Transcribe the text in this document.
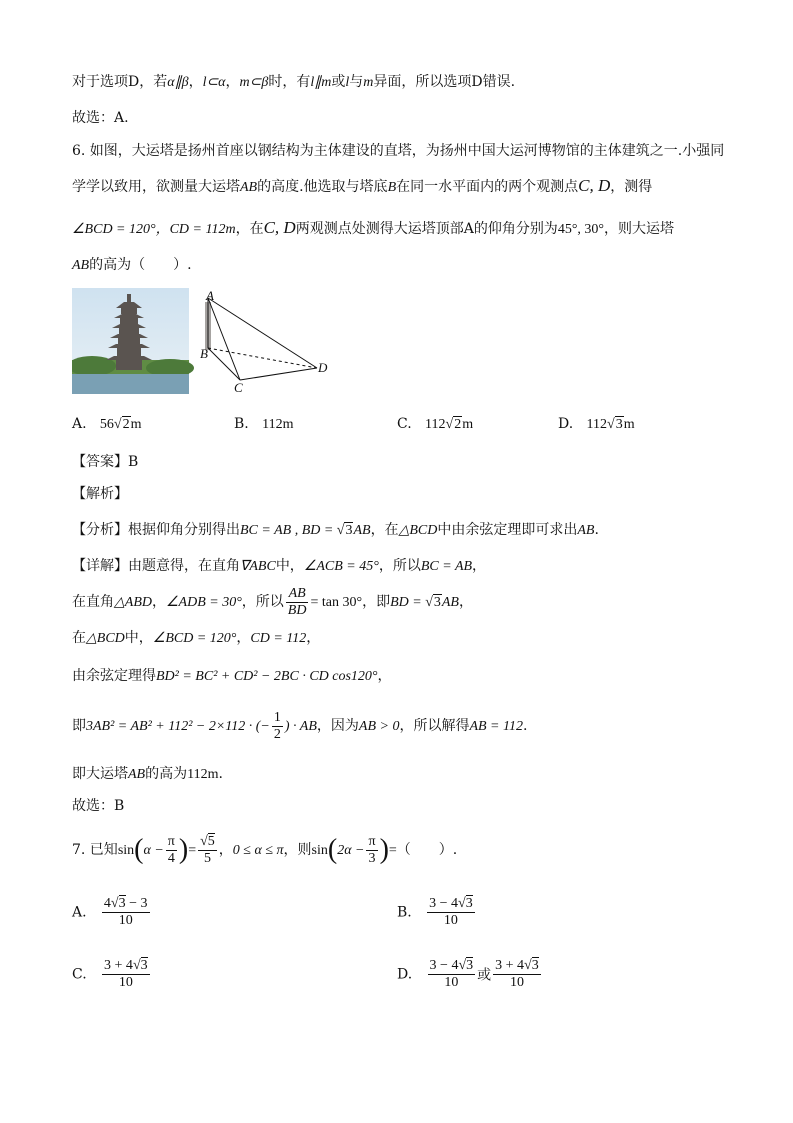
对于选项D，若α∥β，l⊂α，m⊂β时，有l∥m或l与m异面，所以选项D错误.
故选：A.
6. 如图，大运塔是扬州首座以钢结构为主体建设的直塔，为扬州中国大运河博物馆的主体建筑之一.小强同
学学以致用，欲测量大运塔AB的高度.他选取与塔底B在同一水平面内的两个观测点C, D，测得
∠BCD = 120°，CD = 112m，在C, D两观测点处测得大运塔顶部A的仰角分别为45°, 30°，则大运塔
AB的高为（　　）.
A
B
C
D
A. 56√2m	B. 112m	C. 112√2m	D. 112√3m
【答案】B
【解析】
【分析】根据仰角分别得出BC = AB , BD = √3AB，在△BCD中由余弦定理即可求出AB.
【详解】由题意得，在直角∇ABC中，∠ACB = 45°，所以BC = AB，
在直角△ABD，∠ADB = 30°，所以 $\frac{AB}{BD} = \tan 30^\circ$，即BD = √3AB，
在△BCD中，∠BCD = 120°，CD = 112，
由余弦定理得BD² = BC² + CD² − 2BC · CD cos120°，
即3AB² = AB² + 112² − 2×112 · (− $\frac{1}{2}$ ) · AB，因为AB > 0，所以解得AB = 112.
即大运塔AB的高为112m.
故选：B
7. 已知$\sin(\alpha - \frac{\pi}{4}$ )= $\frac{√5}{5}$ ，0 ≤ α ≤ π，则$\sin(2\alpha - \frac{\pi}{3}$ )=（　　）.
A. $\frac{4√3 - 3}{10}$	B. $\frac{3 - 4√3}{10}$
C. $\frac{3 + 4√3}{10}$	D. $\frac{3 - 4√3}{10}$ 或 $\frac{3 + 4√3}{10}$
